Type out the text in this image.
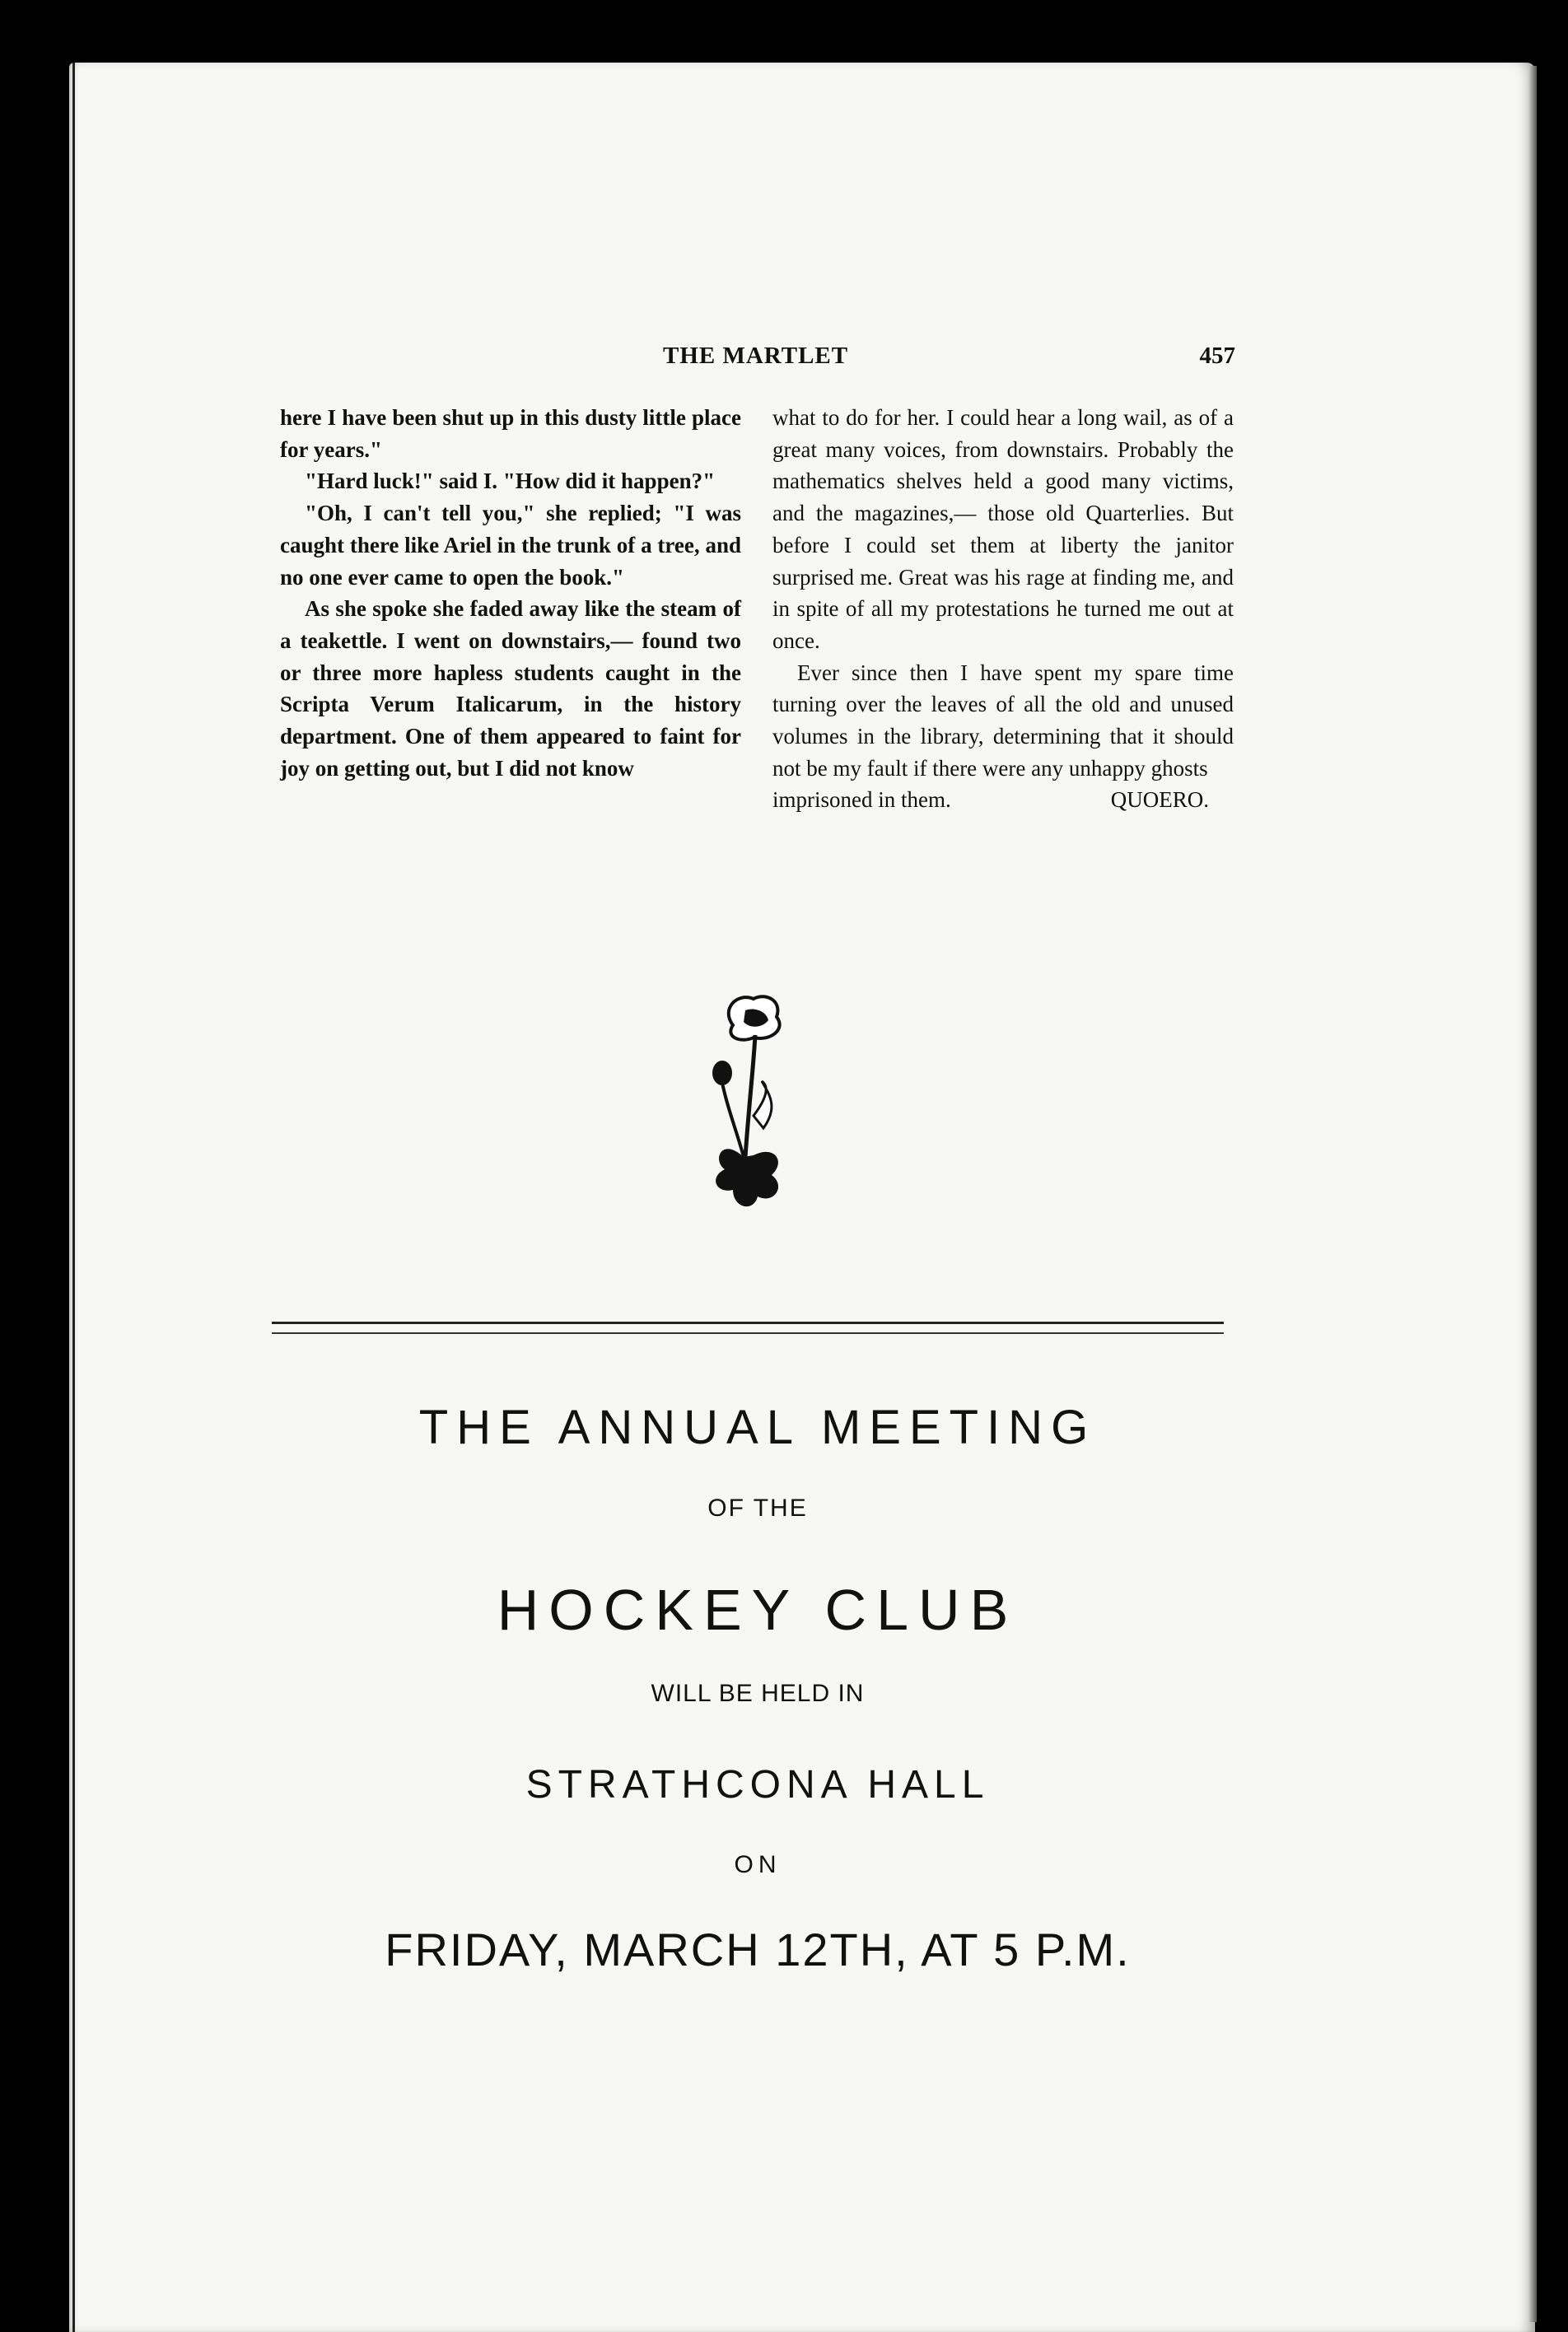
THE MARTLET	457

here I have been shut up in this dusty little place for years."

"Hard luck!" said I. "How did it happen?"

"Oh, I can't tell you," she replied; "I was caught there like Ariel in the trunk of a tree, and no one ever came to open the book."

As she spoke she faded away like the steam of a teakettle. I went on downstairs,— found two or three more hapless students caught in the Scripta Verum Italicarum, in the history department. One of them appeared to faint for joy on getting out, but I did not know

what to do for her. I could hear a long wail, as of a great many voices, from downstairs. Probably the mathematics shelves held a good many victims, and the magazines,— those old Quarterlies. But before I could set them at liberty the janitor surprised me. Great was his rage at finding me, and in spite of all my protestations he turned me out at once.

Ever since then I have spent my spare time turning over the leaves of all the old and unused volumes in the library, determining that it should not be my fault if there were any unhappy ghosts

imprisoned in them.	QUOERO.
THE ANNUAL MEETING
OF THE
HOCKEY CLUB
WILL BE HELD IN
STRATHCONA HALL
ON
FRIDAY, MARCH 12TH, AT 5 P.M.
